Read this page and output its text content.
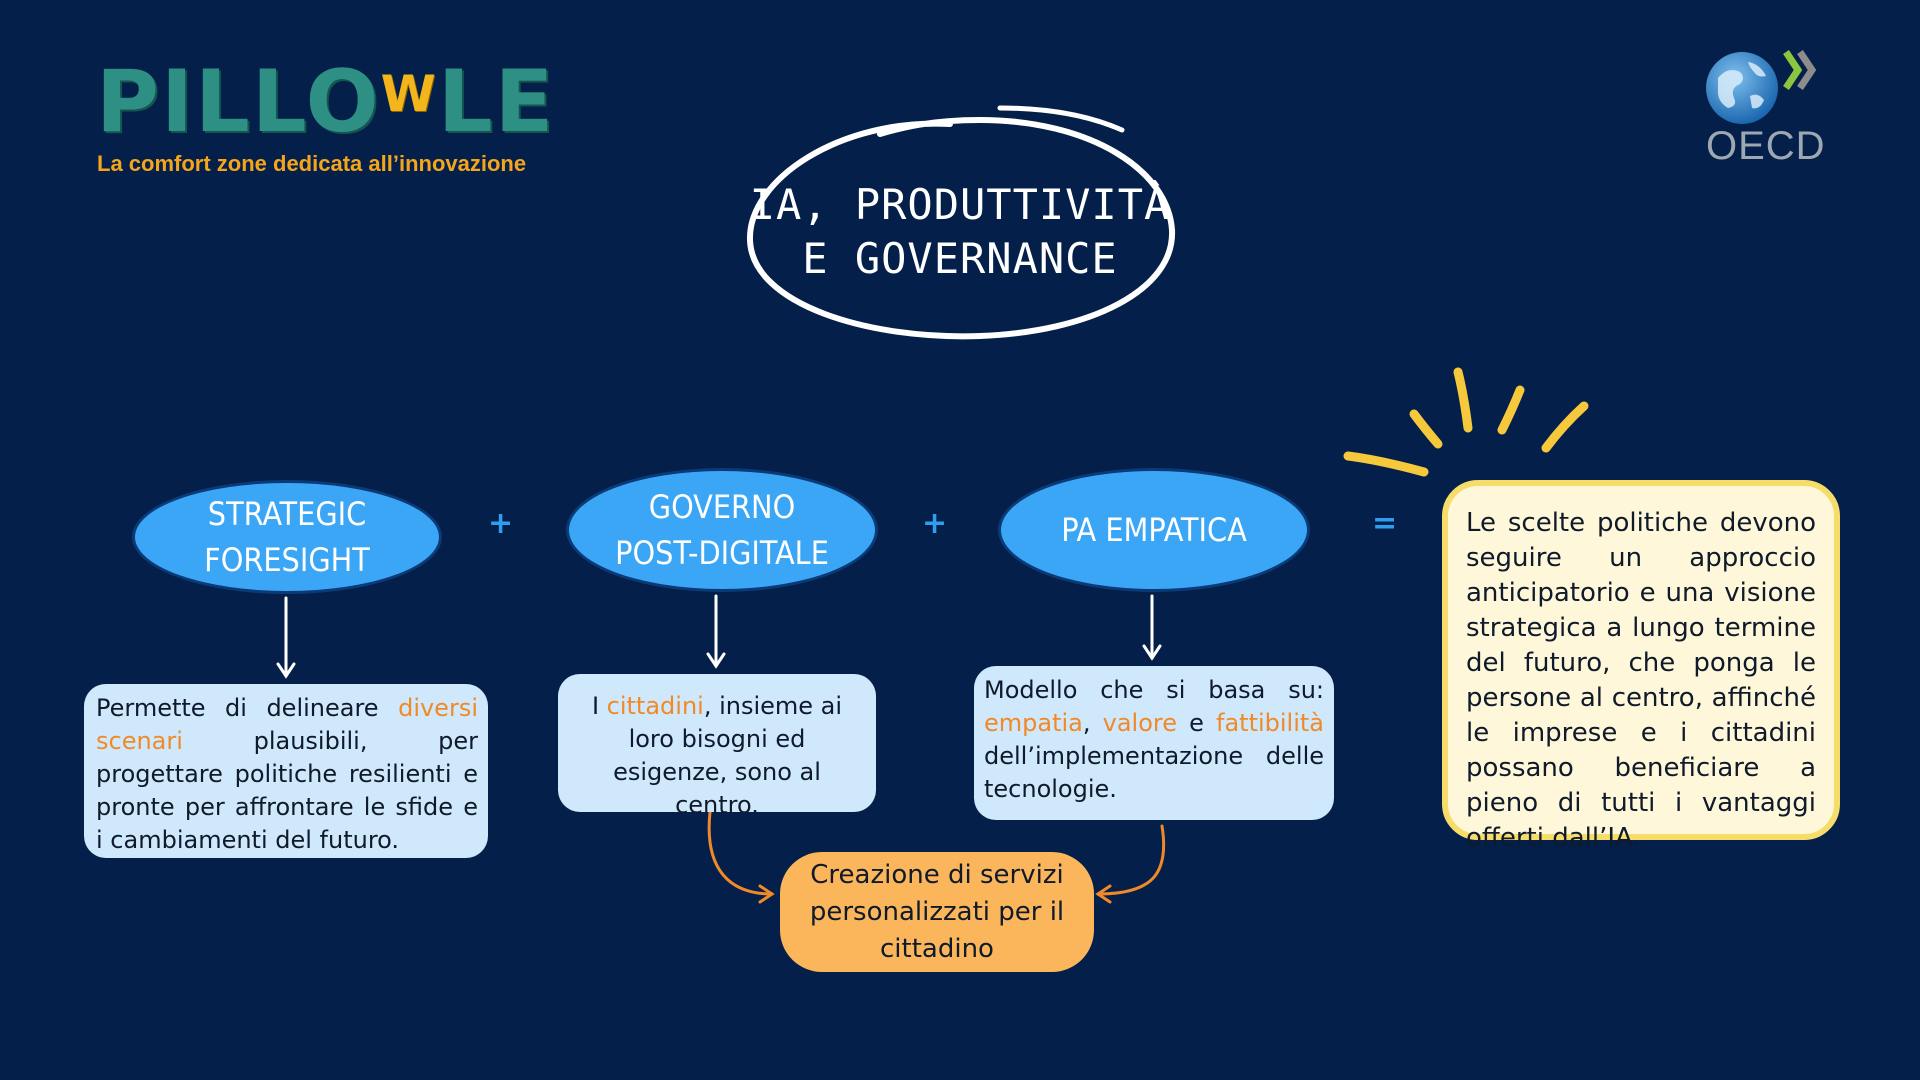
PILLOWLE
La comfort zone dedicata all’innovazione	OECD
IA, PRODUTTIVITÀ
E GOVERNANCE
STRATEGIC
FORESIGHT
GOVERNO
POST-DIGITALE
PA EMPATICA
+	+	=
Permette di delineare diversi scenari plausibili, per progettare politiche resilienti e pronte per affrontare le sfide e i cambiamenti del futuro.
I cittadini, insieme ai loro bisogni ed esigenze, sono al centro.
Modello che si basa su: empatia, valore e fattibilità dell’implementazione delle tecnologie.
Le scelte politiche devono seguire un approccio anticipatorio e una visione strategica a lungo termine del futuro, che ponga le persone al centro, affinché le imprese e i cittadini possano beneficiare a pieno di tutti i vantaggi offerti dall’IA.
Creazione di servizi
personalizzati per il
cittadino
